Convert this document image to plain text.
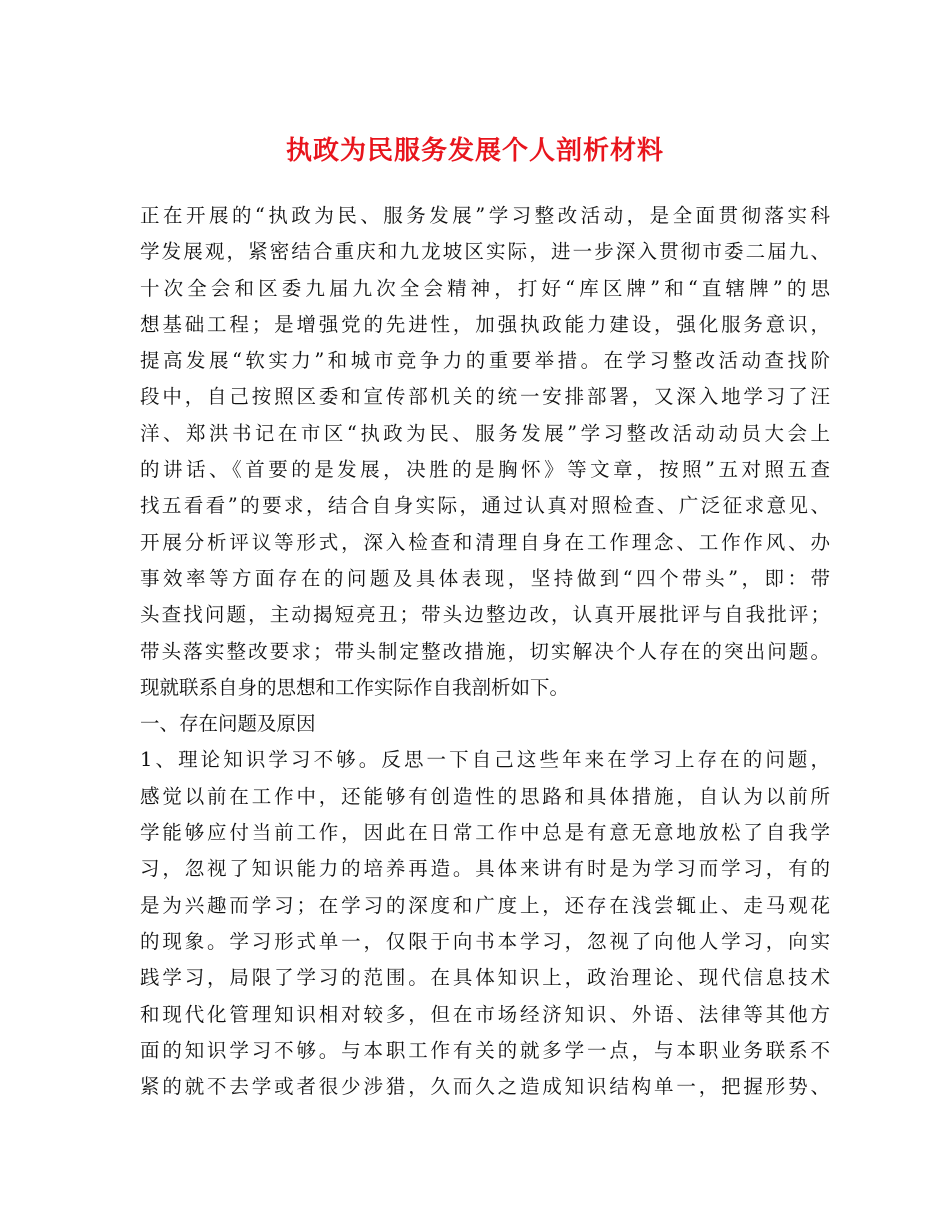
执政为民服务发展个人剖析材料
正在开展的“执政为民、服务发展”学习整改活动，是全面贯彻落实科
学发展观，紧密结合重庆和九龙坡区实际，进一步深入贯彻市委二届九、
十次全会和区委九届九次全会精神，打好“库区牌”和“直辖牌”的思
想基础工程；是增强党的先进性，加强执政能力建设，强化服务意识，
提高发展“软实力”和城市竞争力的重要举措。在学习整改活动查找阶
段中，自己按照区委和宣传部机关的统一安排部署，又深入地学习了汪
洋、郑洪书记在市区“执政为民、服务发展”学习整改活动动员大会上
的讲话、《首要的是发展，决胜的是胸怀》等文章，按照”五对照五查
找五看看”的要求，结合自身实际，通过认真对照检查、广泛征求意见、
开展分析评议等形式，深入检查和清理自身在工作理念、工作作风、办
事效率等方面存在的问题及具体表现，坚持做到“四个带头”，即：带
头查找问题，主动揭短亮丑；带头边整边改，认真开展批评与自我批评；
带头落实整改要求；带头制定整改措施，切实解决个人存在的突出问题。
现就联系自身的思想和工作实际作自我剖析如下。
一、存在问题及原因
1、理论知识学习不够。反思一下自己这些年来在学习上存在的问题，
感觉以前在工作中，还能够有创造性的思路和具体措施，自认为以前所
学能够应付当前工作，因此在日常工作中总是有意无意地放松了自我学
习，忽视了知识能力的培养再造。具体来讲有时是为学习而学习，有的
是为兴趣而学习；在学习的深度和广度上，还存在浅尝辄止、走马观花
的现象。学习形式单一，仅限于向书本学习，忽视了向他人学习，向实
践学习，局限了学习的范围。在具体知识上，政治理论、现代信息技术
和现代化管理知识相对较多，但在市场经济知识、外语、法律等其他方
面的知识学习不够。与本职工作有关的就多学一点，与本职业务联系不
紧的就不去学或者很少涉猎，久而久之造成知识结构单一，把握形势、
